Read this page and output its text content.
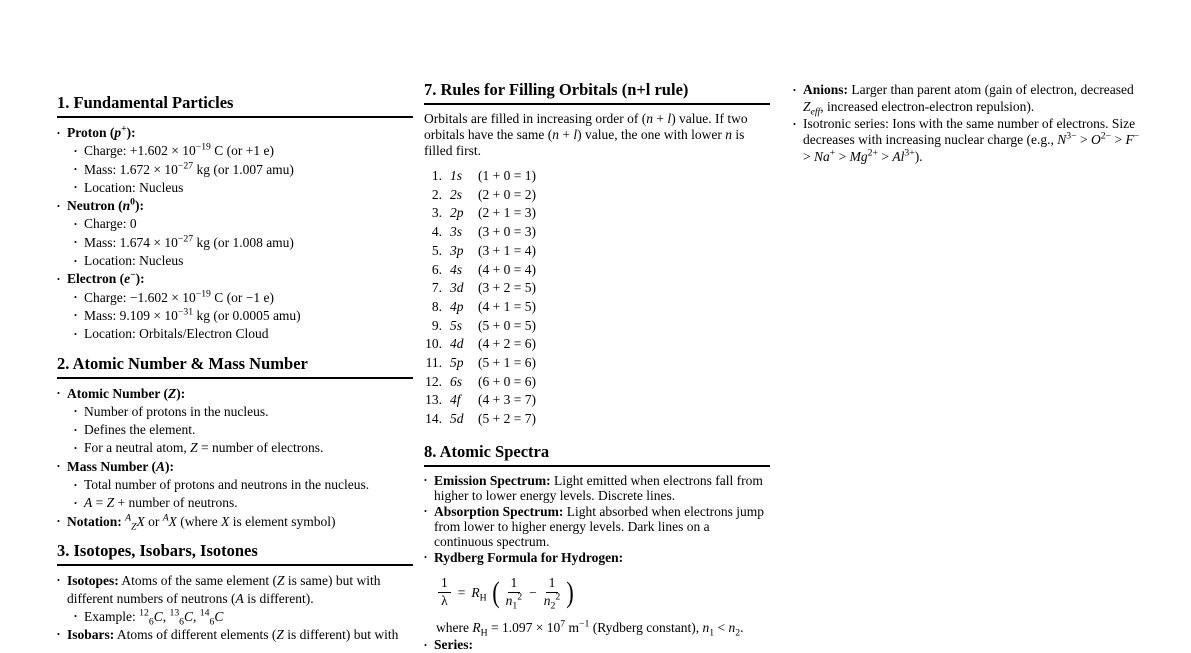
1. Fundamental Particles
•
Proton (p+):
•
Charge: $+1.602 \times 10^{-19}$ C (or +1 e)
•
Mass: $1.672 \times 10^{-27}$ kg (or 1.007 amu)
•
Location: Nucleus
•
Neutron $(n^0)$:
•
Charge: 0
•
Mass: $1.674 \times 10^{-27}$ kg (or 1.008 amu)
•
Location: Nucleus
•
Electron (e−):
•
Charge: $-1.602 \times 10^{-19}$ C (or −1 e)
•
Mass: $9.109 \times 10^{-31}$ kg (or 0.0005 amu)
•
Location: Orbitals/Electron Cloud
2. Atomic Number & Mass Number
•
Atomic Number (Z):
•
Number of protons in the nucleus.
•
Defines the element.
•
For a neutral atom, Z = number of electrons.
•
Mass Number (A):
•
Total number of protons and neutrons in the nucleus.
•
A = Z + number of neutrons.
•
Notation: $^A_Z$X or $^A$X (where X is element symbol)
3. Isotopes, Isobars, Isotones
•
Isotopes: Atoms of the same element (Z is same) but with different numbers of neutrons (A is different).
•
Example: $^{12}_6$C, $^{13}_6$C, $^{14}_6$C
•
Isobars: Atoms of different elements (Z is different) but with
7. Rules for Filling Orbitals (n+l rule)

Orbitals are filled in increasing order of (n + l) value. If two orbitals have the same (n + l) value, the one with lower n is filled first.

1. 1s	(1 + 0 = 1)
2. 2s	(2 + 0 = 2)
3. 2p	(2 + 1 = 3)
4. 3s	(3 + 0 = 3)
5. 3p	(3 + 1 = 4)
6. 4s	(4 + 0 = 4)
7. 3d	(3 + 2 = 5)
8. 4p	(4 + 1 = 5)
9. 5s	(5 + 0 = 5)
10. 4d	(4 + 2 = 6)
11. 5p	(5 + 1 = 6)
12. 6s	(6 + 0 = 6)
13. 4f	(4 + 3 = 7)
14. 5d	(5 + 2 = 7)
8. Atomic Spectra
•
Emission Spectrum: Light emitted when electrons fall from higher to lower energy levels. Discrete lines.
•
Absorption Spectrum: Light absorbed when electrons jump from lower to higher energy levels. Dark lines on a continuous spectrum.
•
Rydberg Formula for Hydrogen:
$\frac{1}{\lambda} = R_H$ ( $\frac{1}{n_1^2} - \frac{1}{n_2^2}$ )
where $R_H = 1.097 \times 10^7$ $m^{-1}$ (Rydberg constant), $n_1 < n_2$.
•
Series:
•
Anions: Larger than parent atom (gain of electron, decreased $Z_{eff}$, increased electron-electron repulsion).
•
Isotronic series: Ions with the same number of electrons. Size decreases with increasing nuclear charge (e.g., $N^{3-} > O^{2-} > F^- > Na^+ > Mg^{2+} > Al^{3+}$).
